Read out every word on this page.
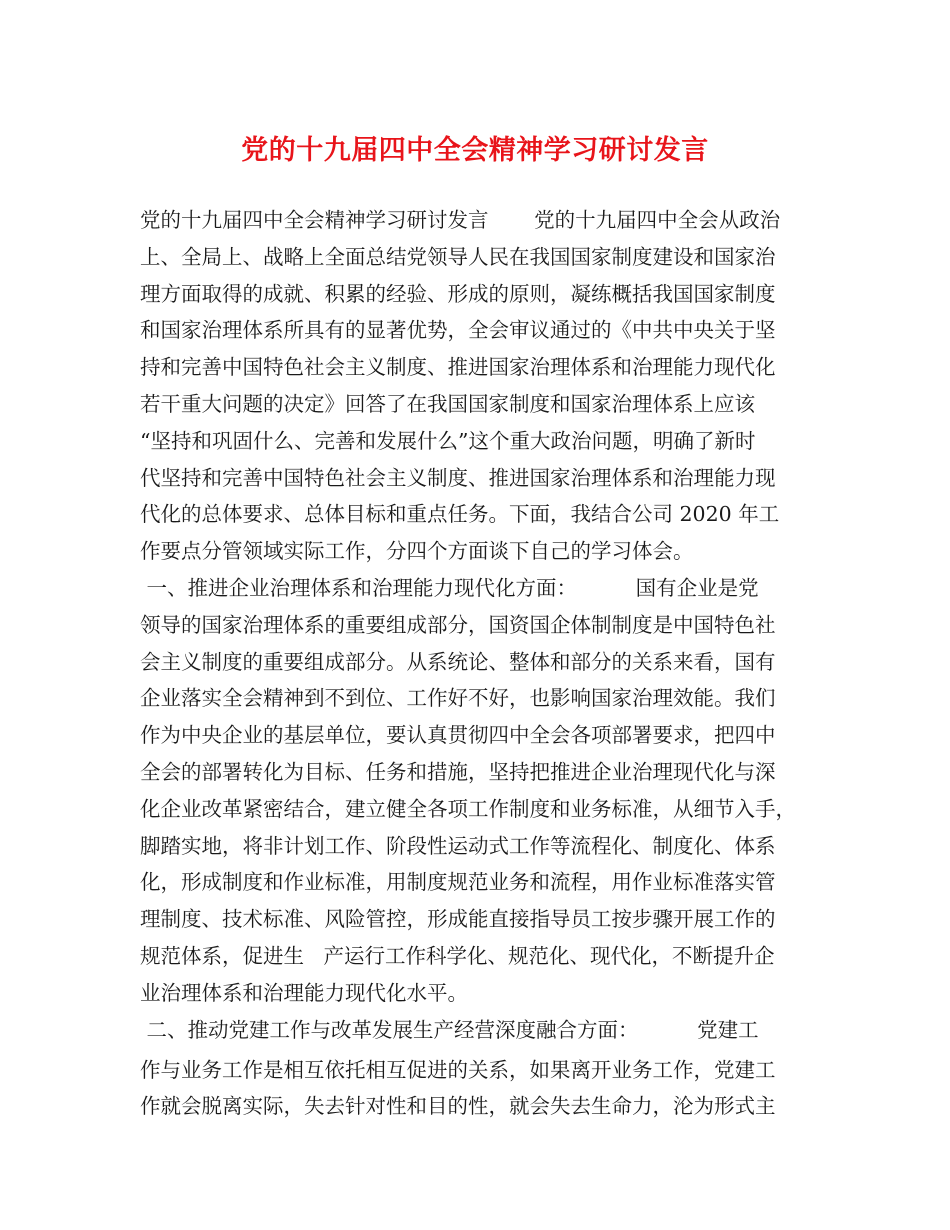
党的十九届四中全会精神学习研讨发言
党的十九届四中全会精神学习研讨发言       党的十九届四中全会从政治
上、全局上、战略上全面总结党领导人民在我国国家制度建设和国家治
理方面取得的成就、积累的经验、形成的原则，凝练概括我国国家制度
和国家治理体系所具有的显著优势，全会审议通过的《中共中央关于坚
持和完善中国特色社会主义制度、推进国家治理体系和治理能力现代化
若干重大问题的决定》回答了在我国国家制度和国家治理体系上应该
“坚持和巩固什么、完善和发展什么”这个重大政治问题，明确了新时
代坚持和完善中国特色社会主义制度、推进国家治理体系和治理能力现
代化的总体要求、总体目标和重点任务。下面，我结合公司 2020 年工
作要点分管领域实际工作，分四个方面谈下自己的学习体会。
一、推进企业治理体系和治理能力现代化方面：         国有企业是党
领导的国家治理体系的重要组成部分，国资国企体制制度是中国特色社
会主义制度的重要组成部分。从系统论、整体和部分的关系来看，国有
企业落实全会精神到不到位、工作好不好，也影响国家治理效能。我们
作为中央企业的基层单位，要认真贯彻四中全会各项部署要求，把四中
全会的部署转化为目标、任务和措施，坚持把推进企业治理现代化与深
化企业改革紧密结合，建立健全各项工作制度和业务标准，从细节入手，
脚踏实地，将非计划工作、阶段性运动式工作等流程化、制度化、体系
化，形成制度和作业标准，用制度规范业务和流程，用作业标准落实管
理制度、技术标准、风险管控，形成能直接指导员工按步骤开展工作的
规范体系，促进生   产运行工作科学化、规范化、现代化，不断提升企
业治理体系和治理能力现代化水平。
二、推动党建工作与改革发展生产经营深度融合方面：         党建工
作与业务工作是相互依托相互促进的关系，如果离开业务工作，党建工
作就会脱离实际，失去针对性和目的性，就会失去生命力，沦为形式主
